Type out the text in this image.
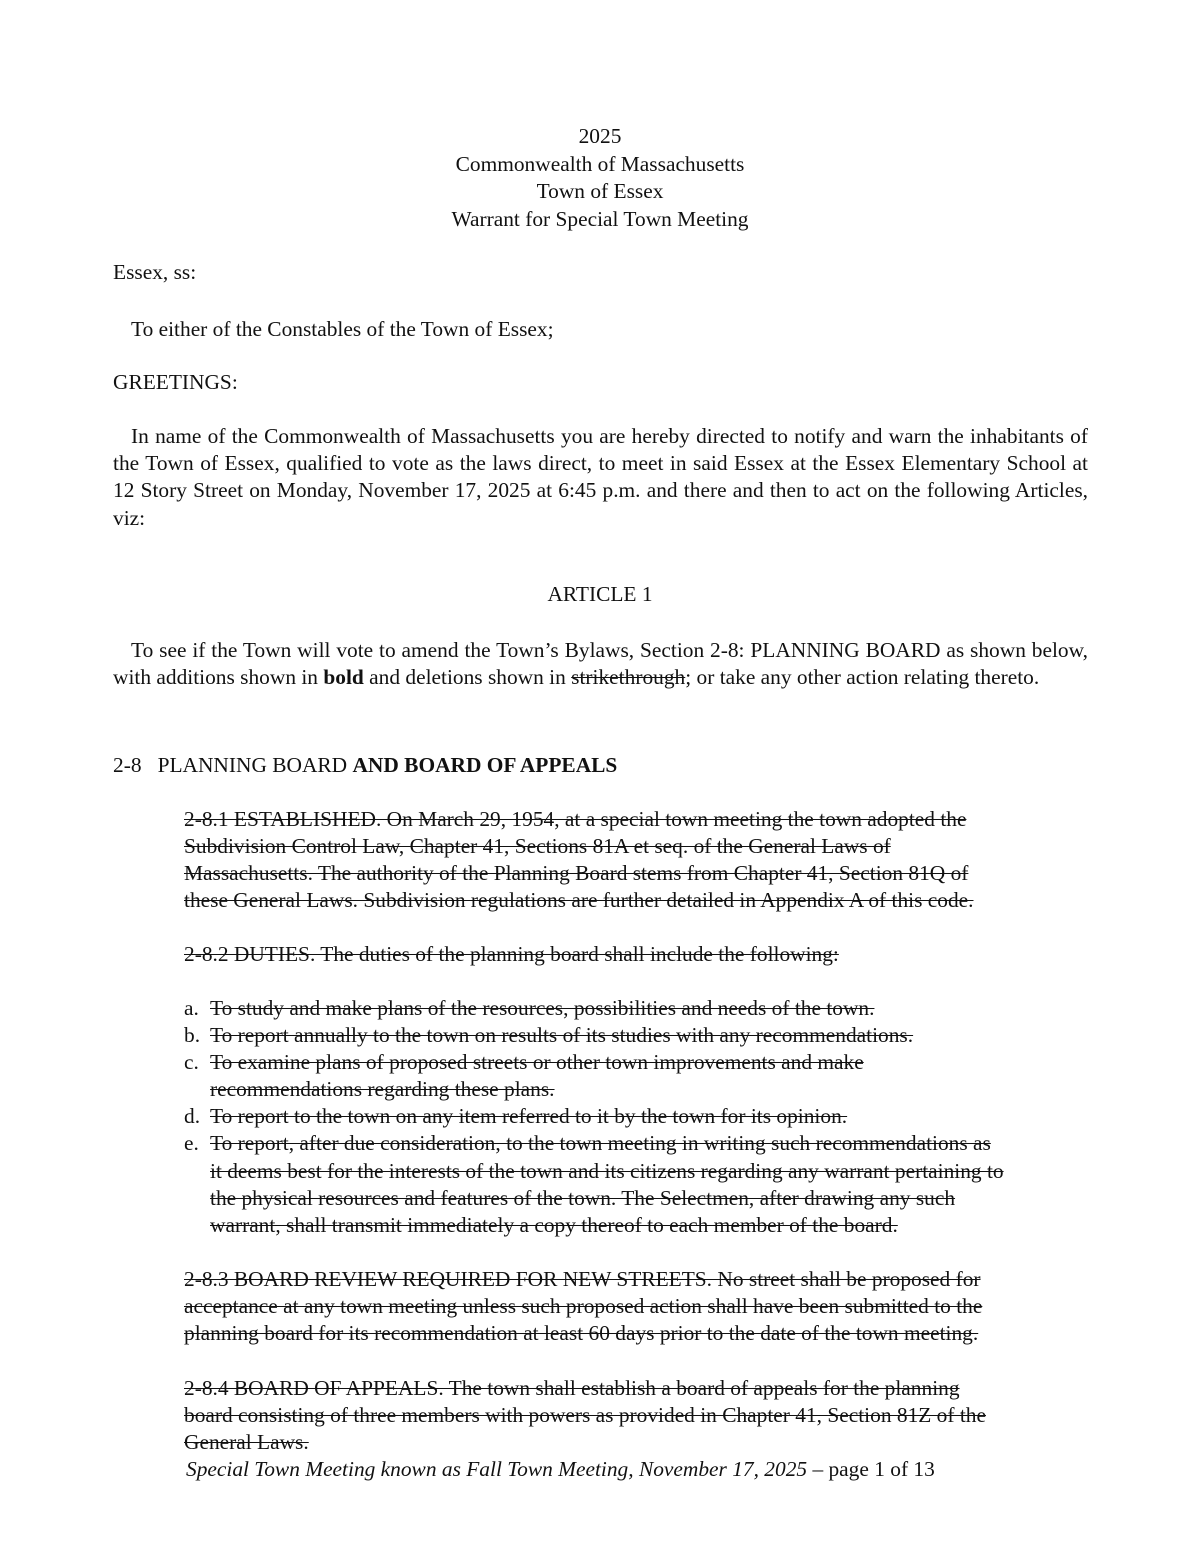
2025
Commonwealth of Massachusetts
Town of Essex
Warrant for Special Town Meeting
Essex, ss:
To either of the Constables of the Town of Essex;
GREETINGS:
In name of the Commonwealth of Massachusetts you are hereby directed to notify and warn the inhabitants of the Town of Essex, qualified to vote as the laws direct, to meet in said Essex at the Essex Elementary School at 12 Story Street on Monday, November 17, 2025 at 6:45 p.m. and there and then to act on the following Articles, viz:
ARTICLE 1
To see if the Town will vote to amend the Town’s Bylaws, Section 2-8: PLANNING BOARD as shown below, with additions shown in bold and deletions shown in strikethrough; or take any other action relating thereto.
2-8 PLANNING BOARD AND BOARD OF APPEALS
2-8.1 ESTABLISHED. On March 29, 1954, at a special town meeting the town adopted the
Subdivision Control Law, Chapter 41, Sections 81A et seq. of the General Laws of
Massachusetts. The authority of the Planning Board stems from Chapter 41, Section 81Q of
these General Laws. Subdivision regulations are further detailed in Appendix A of this code.
2-8.2 DUTIES. The duties of the planning board shall include the following:
a. To study and make plans of the resources, possibilities and needs of the town.
b. To report annually to the town on results of its studies with any recommendations.
c. To examine plans of proposed streets or other town improvements and make
recommendations regarding these plans.
d. To report to the town on any item referred to it by the town for its opinion.
e. To report, after due consideration, to the town meeting in writing such recommendations as
it deems best for the interests of the town and its citizens regarding any warrant pertaining to
the physical resources and features of the town. The Selectmen, after drawing any such
warrant, shall transmit immediately a copy thereof to each member of the board.
2-8.3 BOARD REVIEW REQUIRED FOR NEW STREETS. No street shall be proposed for
acceptance at any town meeting unless such proposed action shall have been submitted to the
planning board for its recommendation at least 60 days prior to the date of the town meeting.
2-8.4 BOARD OF APPEALS. The town shall establish a board of appeals for the planning
board consisting of three members with powers as provided in Chapter 41, Section 81Z of the
General Laws.
Special Town Meeting known as Fall Town Meeting, November 17, 2025 – page 1 of 13
